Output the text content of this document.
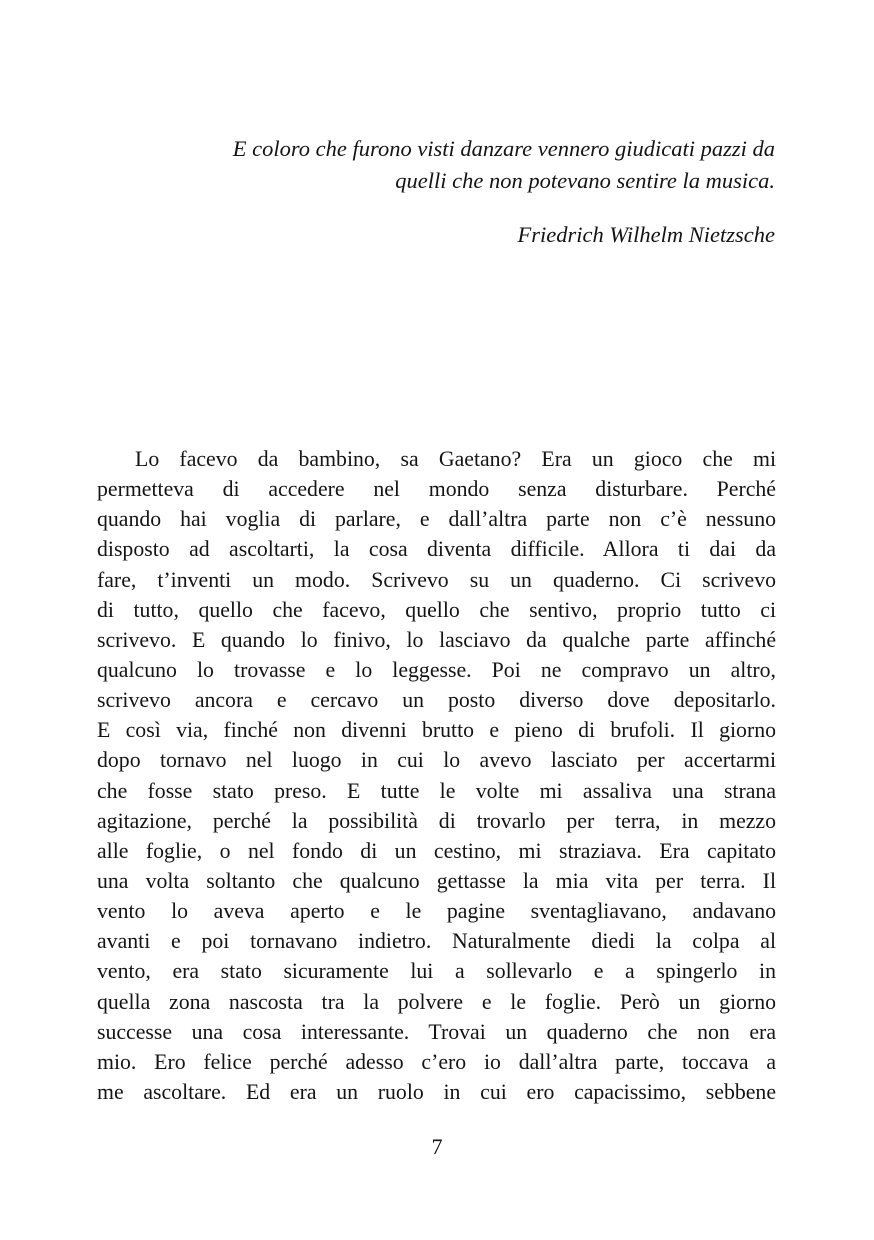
E coloro che furono visti danzare vennero giudicati pazzi da
quelli che non potevano sentire la musica.
Friedrich Wilhelm Nietzsche
Lo facevo da bambino, sa Gaetano? Era un gioco che mi
permetteva di accedere nel mondo senza disturbare. Perché
quando hai voglia di parlare, e dall’altra parte non c’è nessuno
disposto ad ascoltarti, la cosa diventa difficile. Allora ti dai da
fare, t’inventi un modo. Scrivevo su un quaderno. Ci scrivevo
di tutto, quello che facevo, quello che sentivo, proprio tutto ci
scrivevo. E quando lo finivo, lo lasciavo da qualche parte affinché
qualcuno lo trovasse e lo leggesse. Poi ne compravo un altro,
scrivevo ancora e cercavo un posto diverso dove depositarlo.
E così via, finché non divenni brutto e pieno di brufoli. Il giorno
dopo tornavo nel luogo in cui lo avevo lasciato per accertarmi
che fosse stato preso. E tutte le volte mi assaliva una strana
agitazione, perché la possibilità di trovarlo per terra, in mezzo
alle foglie, o nel fondo di un cestino, mi straziava. Era capitato
una volta soltanto che qualcuno gettasse la mia vita per terra. Il
vento lo aveva aperto e le pagine sventagliavano, andavano
avanti e poi tornavano indietro. Naturalmente diedi la colpa al
vento, era stato sicuramente lui a sollevarlo e a spingerlo in
quella zona nascosta tra la polvere e le foglie. Però un giorno
successe una cosa interessante. Trovai un quaderno che non era
mio. Ero felice perché adesso c’ero io dall’altra parte, toccava a
me ascoltare. Ed era un ruolo in cui ero capacissimo, sebbene
7
